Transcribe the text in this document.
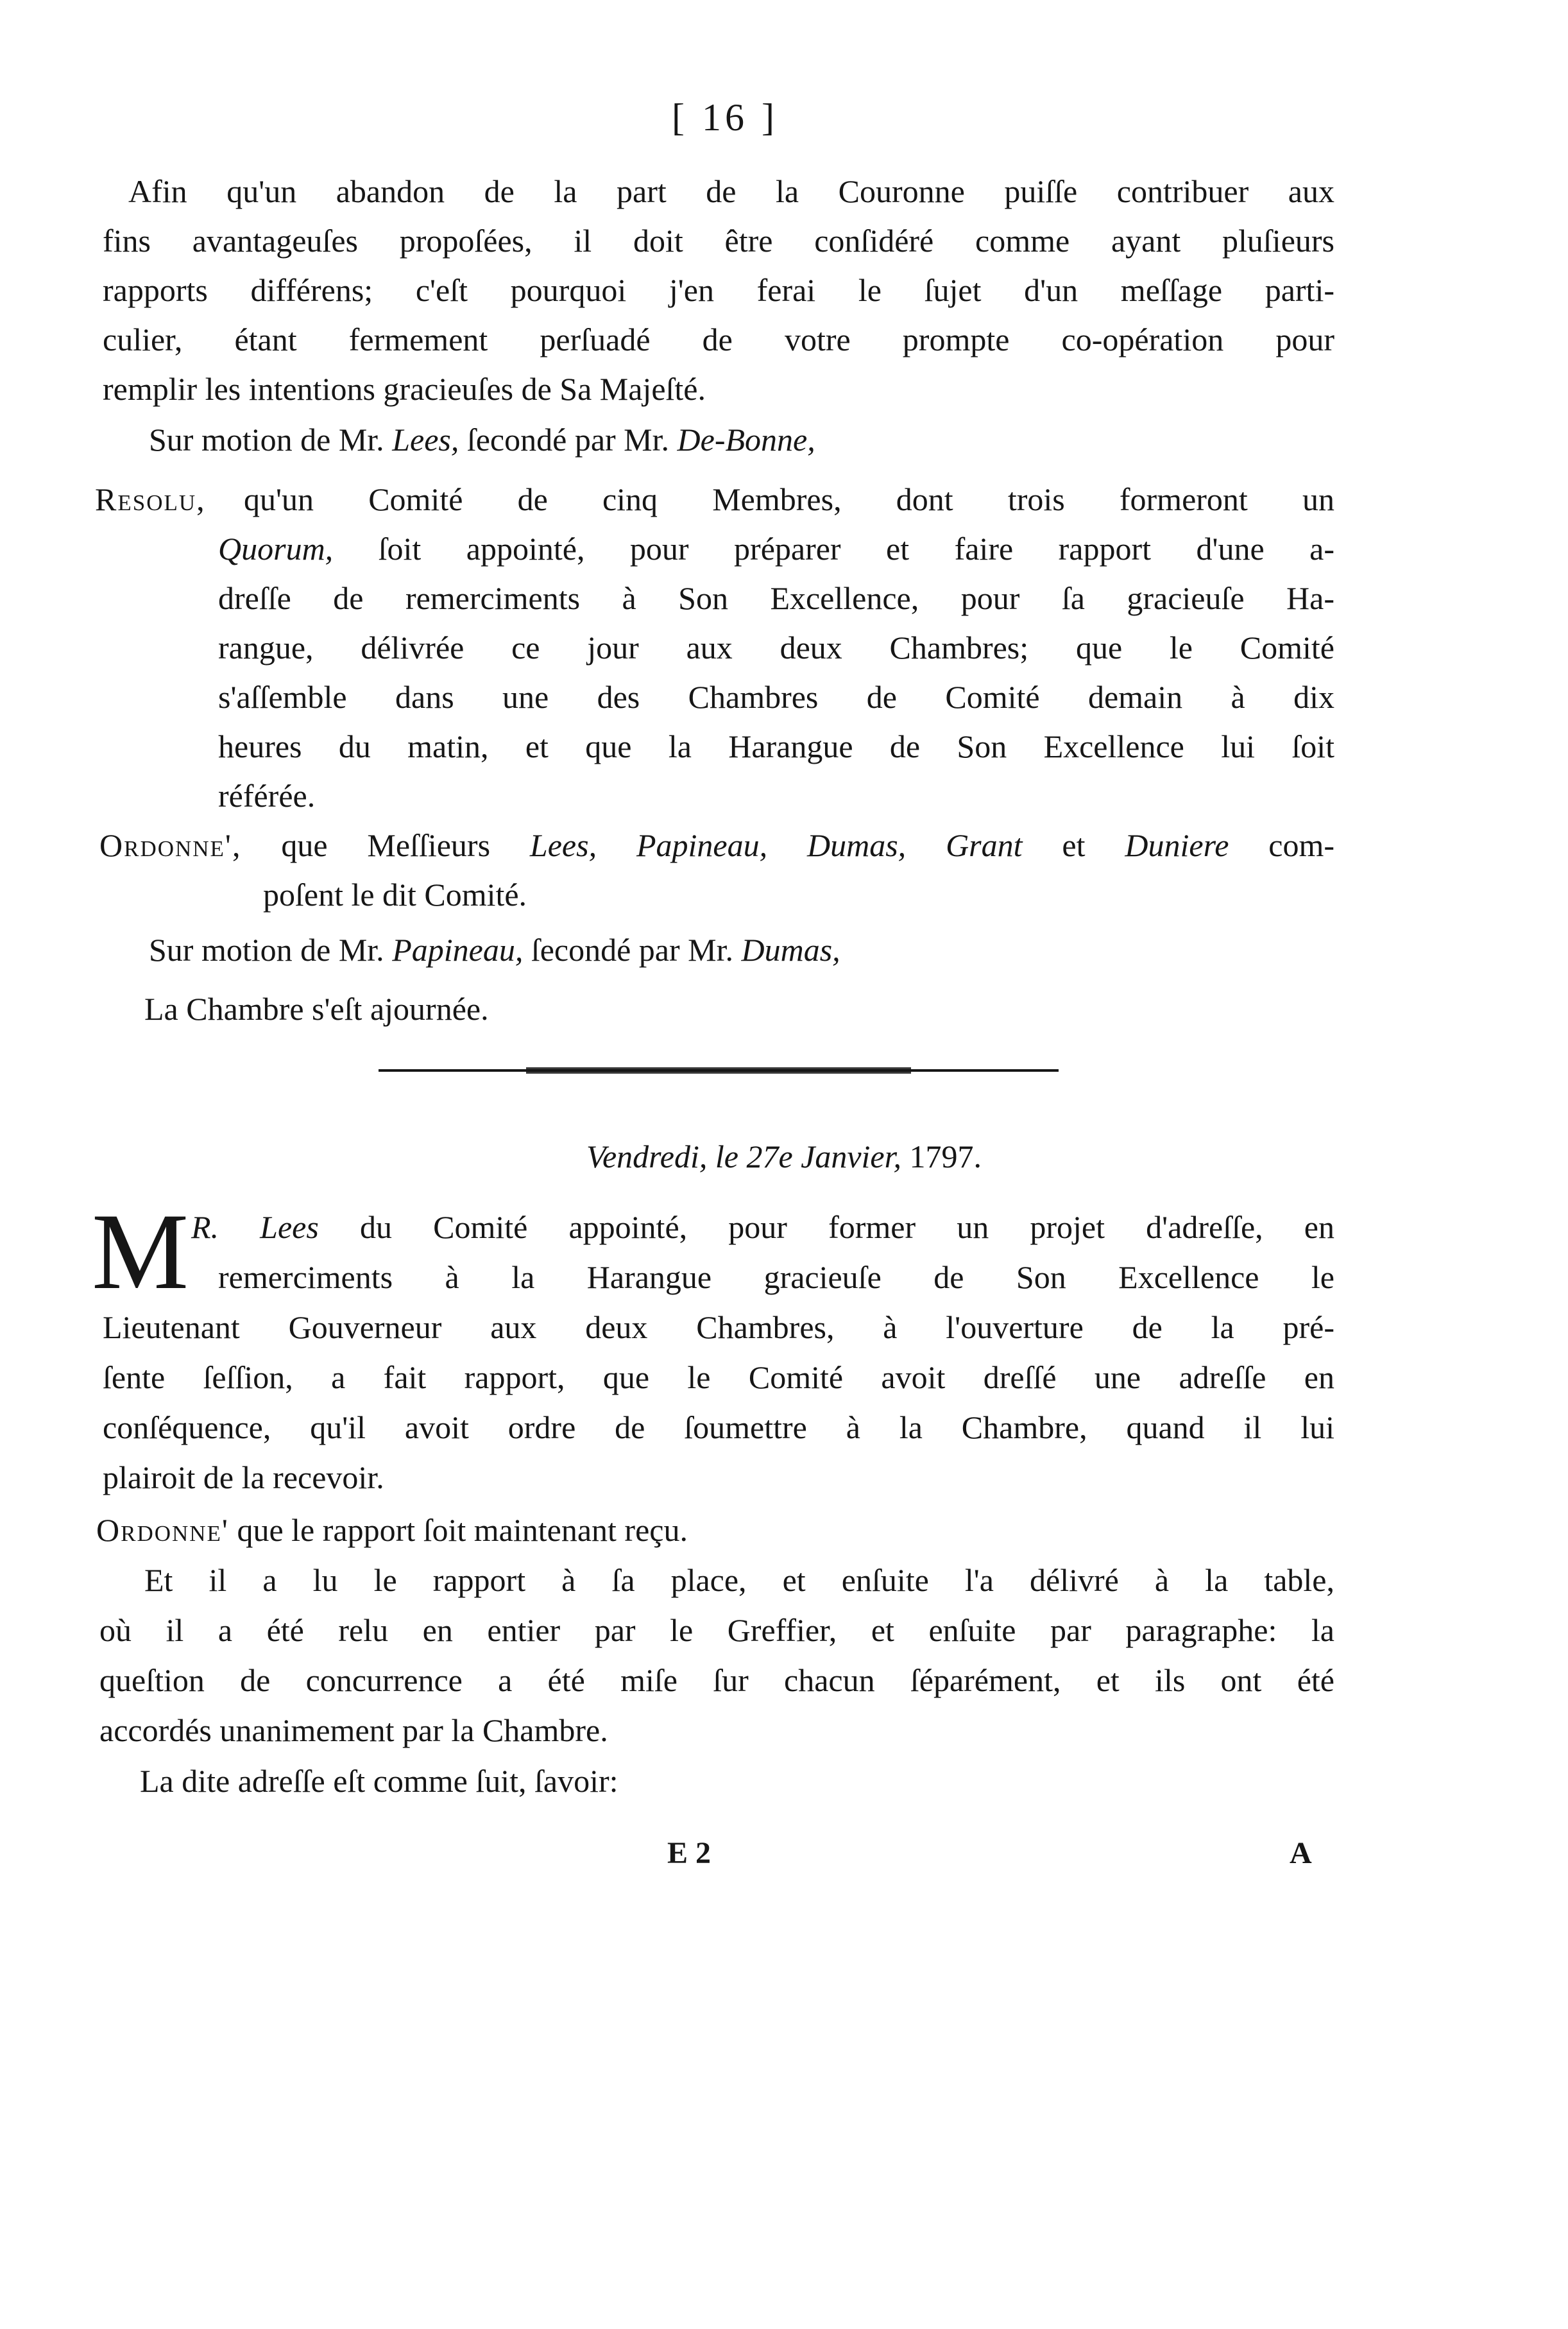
[ 16 ]
Afin qu'un abandon de la part de la Couronne puiſſe contribuer aux
fins avantageuſes propoſées, il doit être conſidéré comme ayant pluſieurs
rapports différens; c'eſt pourquoi j'en ferai le ſujet d'un meſſage parti-
culier, étant fermement perſuadé de votre prompte co-opération pour
remplir les intentions gracieuſes de Sa Majeſté.
Sur motion de Mr. Lees, ſecondé par Mr. De-Bonne,
Resolu, qu'un Comité de cinq Membres, dont trois formeront un
Quorum, ſoit appointé, pour préparer et faire rapport d'une a-
dreſſe de remerciments à Son Excellence, pour ſa gracieuſe Ha-
rangue, délivrée ce jour aux deux Chambres; que le Comité
s'aſſemble dans une des Chambres de Comité demain à dix
heures du matin, et que la Harangue de Son Excellence lui ſoit
référée.
Ordonne', que Meſſieurs Lees, Papineau, Dumas, Grant et Duniere com-
poſent le dit Comité.
Sur motion de Mr. Papineau, ſecondé par Mr. Dumas,
La Chambre s'eſt ajournée.
Vendredi, le 27e Janvier, 1797.
M R. Lees du Comité appointé, pour former un projet d'adreſſe, en
remerciments à la Harangue gracieuſe de Son Excellence le
Lieutenant Gouverneur aux deux Chambres, à l'ouverture de la pré-
ſente ſeſſion, a fait rapport, que le Comité avoit dreſſé une adreſſe en
conſéquence, qu'il avoit ordre de ſoumettre à la Chambre, quand il lui
plairoit de la recevoir.
Ordonne' que le rapport ſoit maintenant reçu.
Et il a lu le rapport à ſa place, et enſuite l'a délivré à la table,
où il a été relu en entier par le Greffier, et enſuite par paragraphe: la
queſtion de concurrence a été miſe ſur chacun ſéparément, et ils ont été
accordés unanimement par la Chambre.
La dite adreſſe eſt comme ſuit, ſavoir:
E 2	A
